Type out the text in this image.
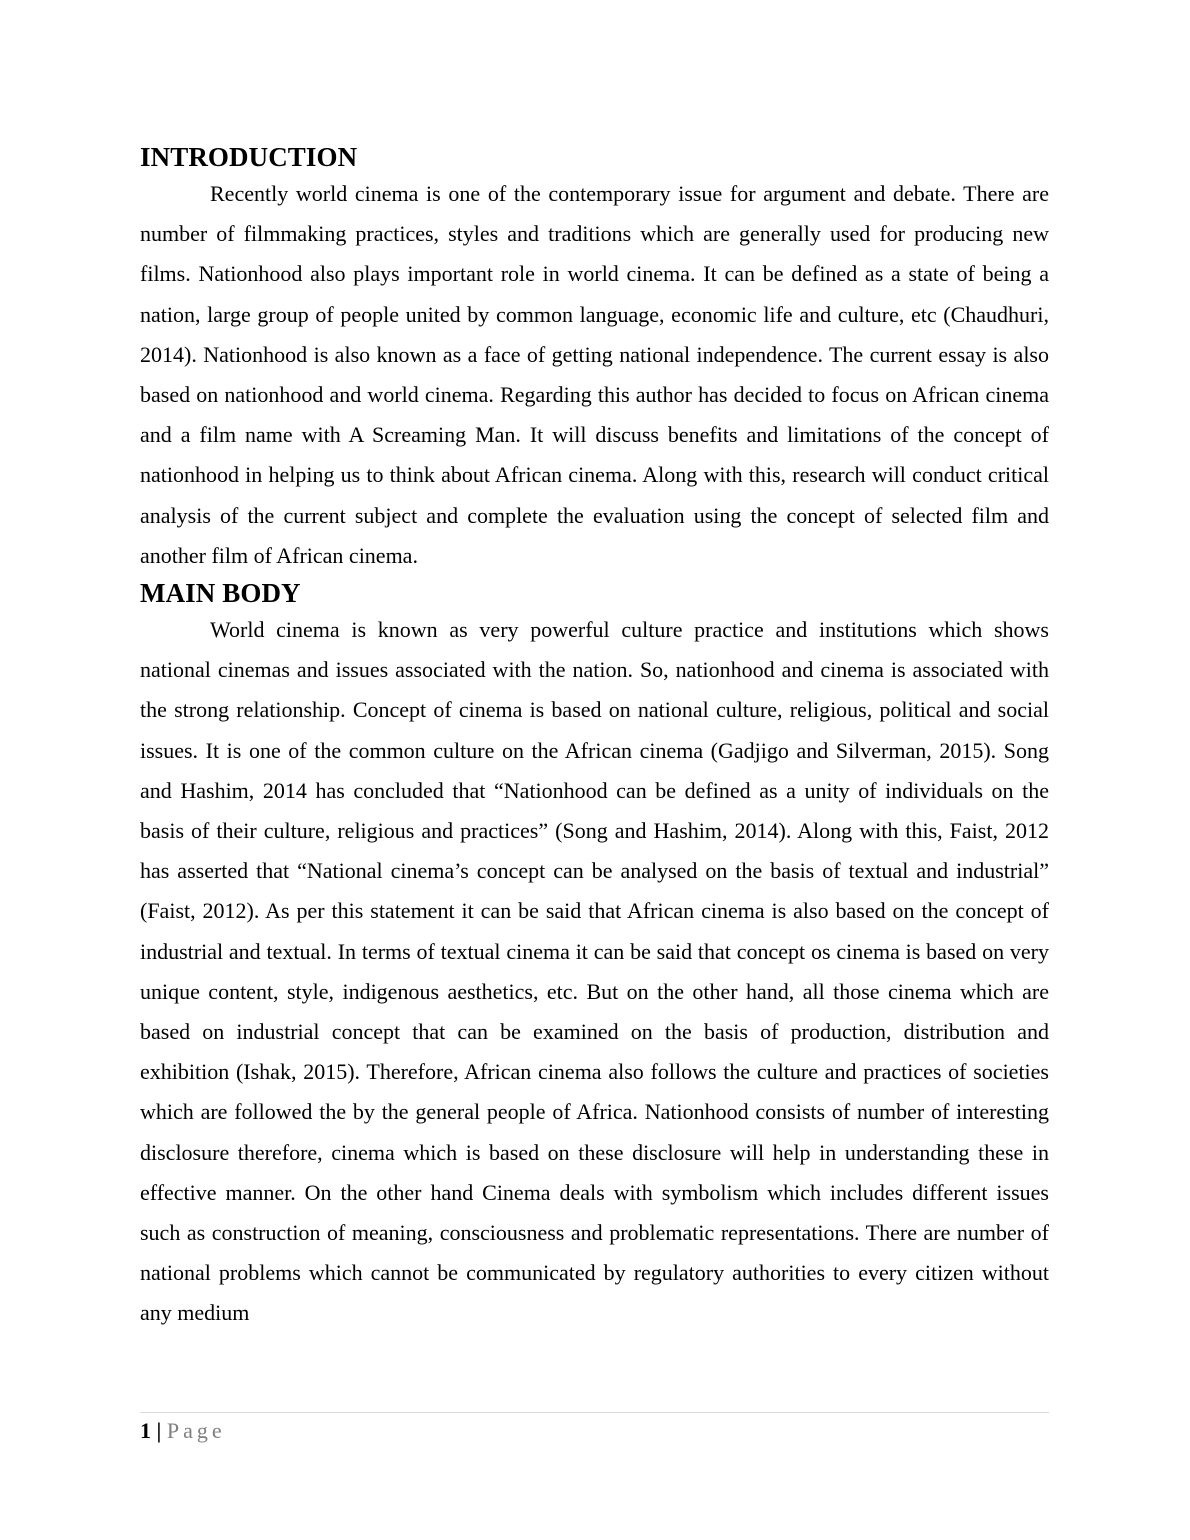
INTRODUCTION

Recently world cinema is one of the contemporary issue for argument and debate. There are number of filmmaking practices, styles and traditions which are generally used for producing new films. Nationhood also plays important role in world cinema. It can be defined as a state of being a nation, large group of people united by common language, economic life and culture, etc (Chaudhuri, 2014). Nationhood is also known as a face of getting national independence. The current essay is also based on nationhood and world cinema. Regarding this author has decided to focus on African cinema and a film name with A Screaming Man. It will discuss benefits and limitations of the concept of nationhood in helping us to think about African cinema. Along with this, research will conduct critical analysis of the current subject and complete the evaluation using the concept of selected film and another film of African cinema.

MAIN BODY

World cinema is known as very powerful culture practice and institutions which shows national cinemas and issues associated with the nation. So, nationhood and cinema is associated with the strong relationship. Concept of cinema is based on national culture, religious, political and social issues. It is one of the common culture on the African cinema (Gadjigo and Silverman, 2015). Song and Hashim, 2014 has concluded that “Nationhood can be defined as a unity of individuals on the basis of their culture, religious and practices” (Song and Hashim, 2014). Along with this, Faist, 2012 has asserted that “National cinema’s concept can be analysed on the basis of textual and industrial” (Faist, 2012). As per this statement it can be said that African cinema is also based on the concept of industrial and textual. In terms of textual cinema it can be said that concept os cinema is based on very unique content, style, indigenous aesthetics, etc. But on the other hand, all those cinema which are based on industrial concept that can be examined on the basis of production, distribution and exhibition (Ishak, 2015). Therefore, African cinema also follows the culture and practices of societies which are followed the by the general people of Africa. Nationhood consists of number of interesting disclosure therefore, cinema which is based on these disclosure will help in understanding these in effective manner. On the other hand Cinema deals with symbolism which includes different issues such as construction of meaning, consciousness and problematic representations. There are number of national problems which cannot be communicated by regulatory authorities to every citizen without any medium

1 | Page
